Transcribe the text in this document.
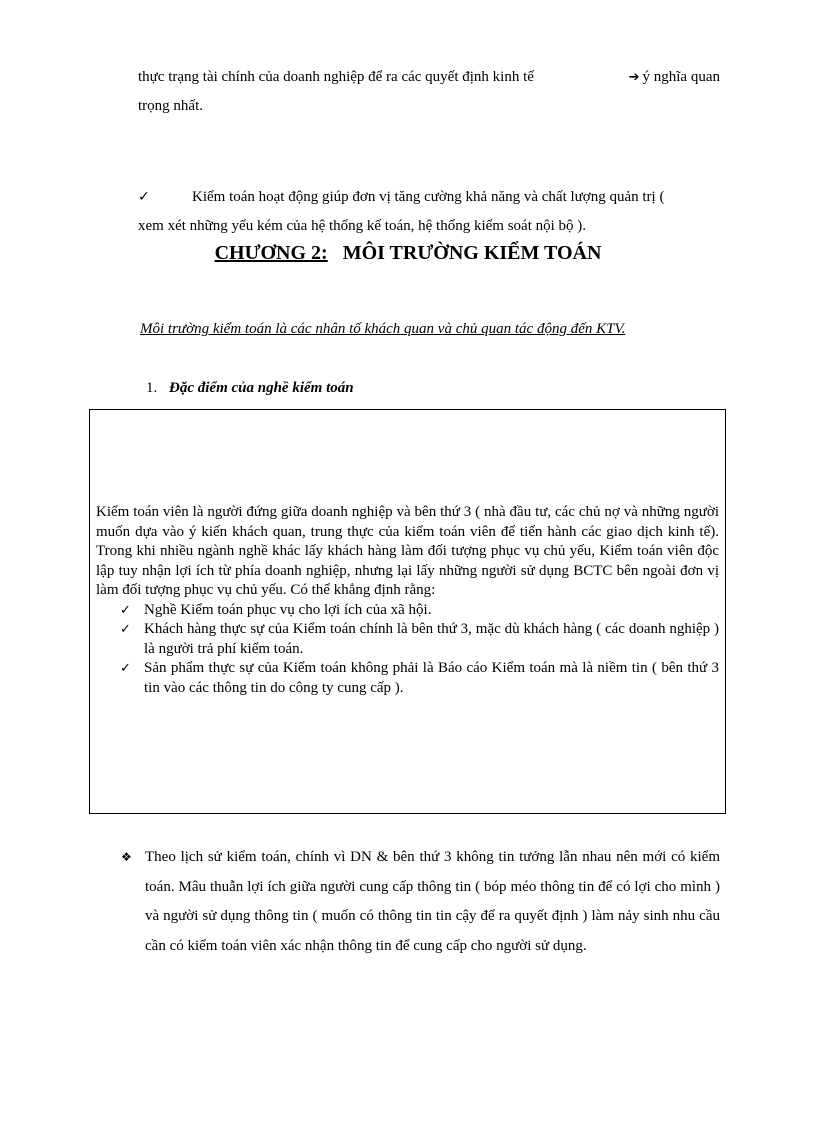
thực trạng tài chính của doanh nghiệp để ra các quyết định kinh tế	➔ ý nghĩa quan
trọng nhất.
✓	Kiểm toán hoạt động giúp đơn vị tăng cường khả năng và chất lượng quản trị (
xem xét những yếu kém của hệ thống kế toán, hệ thống kiểm soát nội bộ ).
CHƯƠNG 2: MÔI TRƯỜNG KIỂM TOÁN
Môi trường kiểm toán là các nhân tố khách quan và chủ quan tác động đến KTV.
1. Đặc điểm của nghề kiểm toán
Kiểm toán viên là người đứng giữa doanh nghiệp và bên thứ 3 ( nhà đầu tư, các chủ nợ và những người muốn dựa vào ý kiến khách quan, trung thực của kiểm toán viên để tiến hành các giao dịch kinh tế). Trong khi nhiều ngành nghề khác lấy khách hàng làm đối tượng phục vụ chủ yếu, Kiểm toán viên độc lập tuy nhận lợi ích từ phía doanh nghiệp, nhưng lại lấy những người sử dụng BCTC bên ngoài đơn vị làm đối tượng phục vụ chủ yếu. Có thể khẳng định rằng:
✓ Nghề Kiểm toán phục vụ cho lợi ích của xã hội.
✓ Khách hàng thực sự của Kiểm toán chính là bên thứ 3, mặc dù khách hàng ( các doanh nghiệp ) là người trả phí kiểm toán.
✓ Sản phẩm thực sự của Kiểm toán không phải là Báo cáo Kiểm toán mà là niềm tin ( bên thứ 3 tin vào các thông tin do công ty cung cấp ).
❖ Theo lịch sử kiểm toán, chính vì DN & bên thứ 3 không tin tưởng lẫn nhau nên mới có kiểm toán. Mâu thuẫn lợi ích giữa người cung cấp thông tin ( bóp méo thông tin để có lợi cho mình ) và người sử dụng thông tin ( muốn có thông tin tin cậy để ra quyết định ) làm nảy sinh nhu cầu cần có kiểm toán viên xác nhận thông tin để cung cấp cho người sử dụng.
